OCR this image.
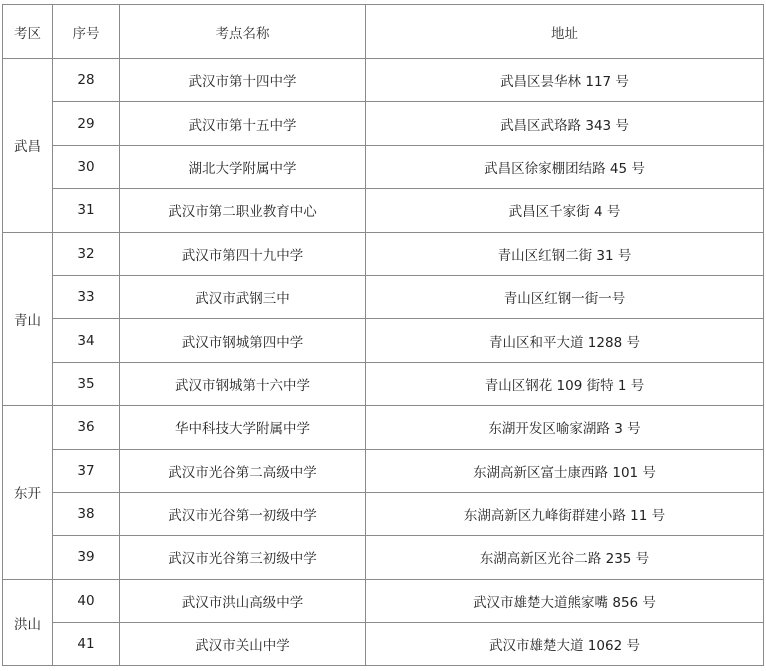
考区	序号	考点名称	地址
武昌	28	武汉市第十四中学	武昌区昙华林 117 号
	29	武汉市第十五中学	武昌区武珞路 343 号
	30	湖北大学附属中学	武昌区徐家棚团结路 45 号
	31	武汉市第二职业教育中心	武昌区千家街 4 号
青山	32	武汉市第四十九中学	青山区红钢二街 31 号
	33	武汉市武钢三中	青山区红钢一街一号
	34	武汉市钢城第四中学	青山区和平大道 1288 号
	35	武汉市钢城第十六中学	青山区钢花 109 街特 1 号
东开	36	华中科技大学附属中学	东湖开发区喻家湖路 3 号
	37	武汉市光谷第二高级中学	东湖高新区富士康西路 101 号
	38	武汉市光谷第一初级中学	东湖高新区九峰街群建小路 11 号
	39	武汉市光谷第三初级中学	东湖高新区光谷二路 235 号
洪山	40	武汉市洪山高级中学	武汉市雄楚大道熊家嘴 856 号
	41	武汉市关山中学	武汉市雄楚大道 1062 号
